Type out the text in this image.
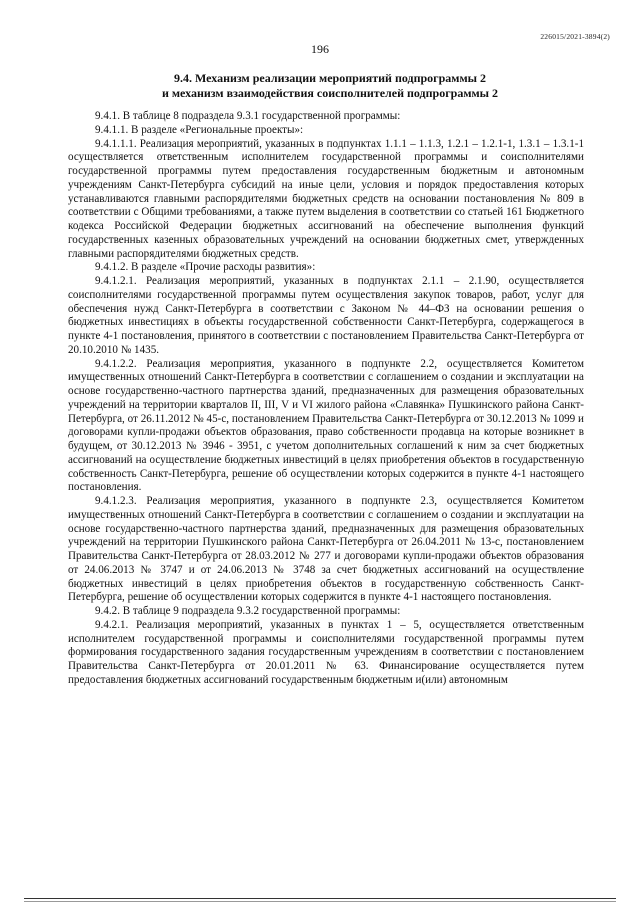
226015/2021-3894(2)
196
9.4. Механизм реализации мероприятий подпрограммы 2
и механизм взаимодействия соисполнителей подпрограммы 2

9.4.1. В таблице 8 подраздела 9.3.1 государственной программы:

9.4.1.1. В разделе «Региональные проекты»:

9.4.1.1.1. Реализация мероприятий, указанных в подпунктах 1.1.1 – 1.1.3, 1.2.1 – 1.2.1-1, 1.3.1 – 1.3.1-1 осуществляется ответственным исполнителем государственной программы и соисполнителями государственной программы путем предоставления государственным бюджетным и автономным учреждениям Санкт-Петербурга субсидий на иные цели, условия и порядок предоставления которых устанавливаются главными распорядителями бюджетных средств на основании постановления № 809 в соответствии с Общими требованиями, а также путем выделения в соответствии со статьей 161 Бюджетного кодекса Российской Федерации бюджетных ассигнований на обеспечение выполнения функций государственных казенных образовательных учреждений на основании бюджетных смет, утвержденных главными распорядителями бюджетных средств.

9.4.1.2. В разделе «Прочие расходы развития»:

9.4.1.2.1. Реализация мероприятий, указанных в подпунктах 2.1.1 – 2.1.90, осуществляется соисполнителями государственной программы путем осуществления закупок товаров, работ, услуг для обеспечения нужд Санкт-Петербурга в соответствии с Законом № 44–ФЗ на основании решения о бюджетных инвестициях в объекты государственной собственности Санкт-Петербурга, содержащегося в пункте 4-1 постановления, принятого в соответствии с постановлением Правительства Санкт-Петербурга от 20.10.2010 № 1435.

9.4.1.2.2. Реализация мероприятия, указанного в подпункте 2.2, осуществляется Комитетом имущественных отношений Санкт-Петербурга в соответствии с соглашением о создании и эксплуатации на основе государственно-частного партнерства зданий, предназначенных для размещения образовательных учреждений на территории кварталов II, III, V и VI жилого района «Славянка» Пушкинского района Санкт-Петербурга, от 26.11.2012 № 45-с, постановлением Правительства Санкт-Петербурга от 30.12.2013 № 1099 и договорами купли-продажи объектов образования, право собственности продавца на которые возникнет в будущем, от 30.12.2013 № 3946 - 3951, с учетом дополнительных соглашений к ним за счет бюджетных ассигнований на осуществление бюджетных инвестиций в целях приобретения объектов в государственную собственность Санкт-Петербурга, решение об осуществлении которых содержится в пункте 4-1 настоящего постановления.

9.4.1.2.3. Реализация мероприятия, указанного в подпункте 2.3, осуществляется Комитетом имущественных отношений Санкт-Петербурга в соответствии с соглашением о создании и эксплуатации на основе государственно-частного партнерства зданий, предназначенных для размещения образовательных учреждений на территории Пушкинского района Санкт-Петербурга от 26.04.2011 № 13-с, постановлением Правительства Санкт-Петербурга от 28.03.2012 № 277 и договорами купли-продажи объектов образования от 24.06.2013 № 3747 и от 24.06.2013 № 3748 за счет бюджетных ассигнований на осуществление бюджетных инвестиций в целях приобретения объектов в государственную собственность Санкт-Петербурга, решение об осуществлении которых содержится в пункте 4-1 настоящего постановления.

9.4.2. В таблице 9 подраздела 9.3.2 государственной программы:

9.4.2.1. Реализация мероприятий, указанных в пунктах 1 – 5, осуществляется ответственным исполнителем государственной программы и соисполнителями государственной программы путем формирования государственного задания государственным учреждениям в соответствии с постановлением Правительства Санкт-Петербурга от 20.01.2011 № 63. Финансирование осуществляется путем предоставления бюджетных ассигнований государственным бюджетным и(или) автономным
